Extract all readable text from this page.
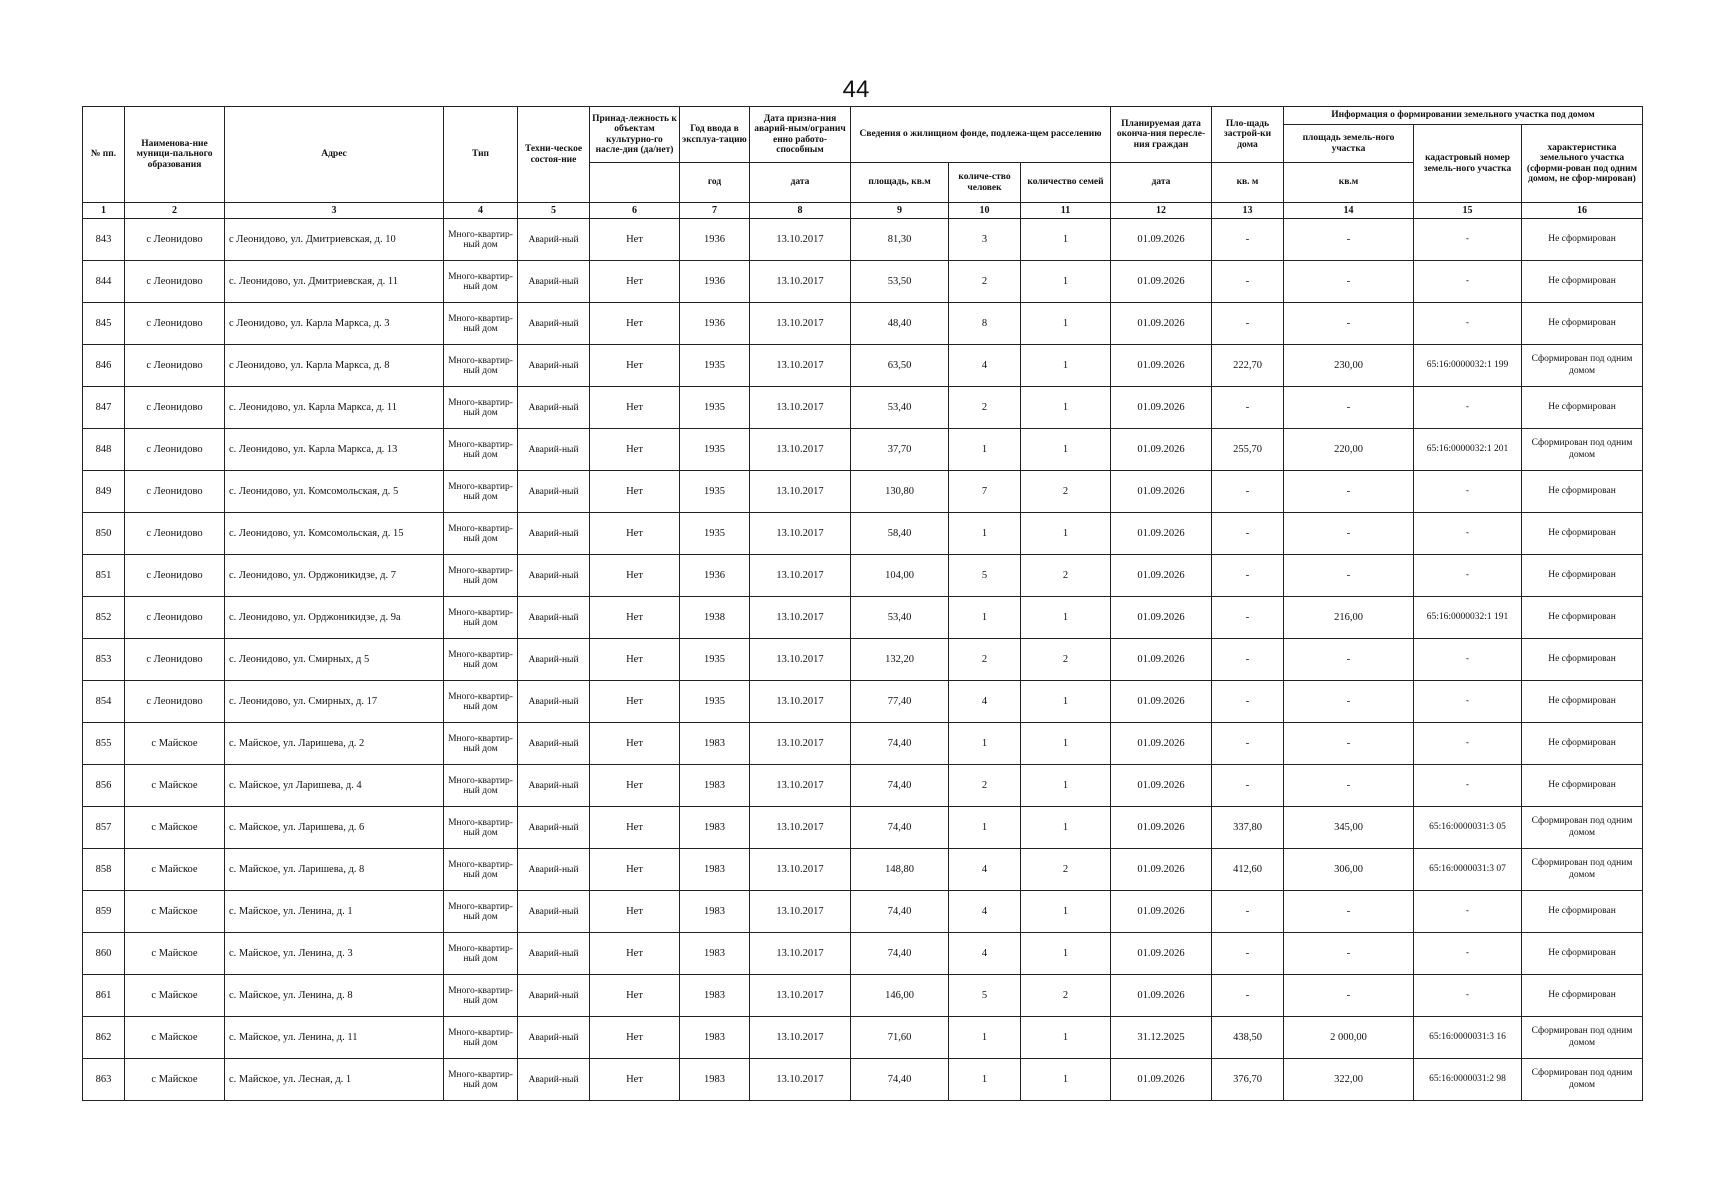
44
№ пп.	Наименова-ние муници-пального образования	Адрес	Тип	Техни-ческое состоя-ние	Принад-лежность к объектам культурно-го насле-дия (да/нет)	Год ввода в эксплуа-тацию	Дата призна-ния аварий-ным/огранич енно работо-способным	Сведения о жилищном фонде, подлежа-щем расселению			Планируемая дата оконча-ния пересле-ния граждан	Пло-щадь застрой-ки дома	Информация о формировании земельного участка под домом		
													площадь земель-ного участка	кадастровый номер земель-ного участка	характеристика земельного участка (сформи-рован под одним домом, не сфор-мирован)
						год	дата	площадь, кв.м	количе-ство человек	количество семей	дата	кв. м	кв.м		
1	2	3	4	5	6	7	8	9	10	11	12	13	14	15	16
843	с Леонидово	с Леонидово, ул. Дмитриевская, д. 10	Много-квартир-ный дом	Аварий-ный	Нет	1936	13.10.2017	81,30	3	1	01.09.2026	-	-	-	Не сформирован
844	с Леонидово	с. Леонидово, ул. Дмитриевская, д. 11	Много-квартир-ный дом	Аварий-ный	Нет	1936	13.10.2017	53,50	2	1	01.09.2026	-	-	-	Не сформирован
845	с Леонидово	с Леонидово, ул. Карла Маркса, д. 3	Много-квартир-ный дом	Аварий-ный	Нет	1936	13.10.2017	48,40	8	1	01.09.2026	-	-	-	Не сформирован
846	с Леонидово	с Леонидово, ул. Карла Маркса, д. 8	Много-квартир-ный дом	Аварий-ный	Нет	1935	13.10.2017	63,50	4	1	01.09.2026	222,70	230,00	65:16:0000032:1 199	Сформирован под одним домом
847	с Леонидово	с. Леонидово, ул. Карла Маркса, д. 11	Много-квартир-ный дом	Аварий-ный	Нет	1935	13.10.2017	53,40	2	1	01.09.2026	-	-	-	Не сформирован
848	с Леонидово	с. Леонидово, ул. Карла Маркса, д. 13	Много-квартир-ный дом	Аварий-ный	Нет	1935	13.10.2017	37,70	1	1	01.09.2026	255,70	220,00	65:16:0000032:1 201	Сформирован под одним домом
849	с Леонидово	с. Леонидово, ул. Комсомольская, д. 5	Много-квартир-ный дом	Аварий-ный	Нет	1935	13.10.2017	130,80	7	2	01.09.2026	-	-	-	Не сформирован
850	с Леонидово	с. Леонидово, ул. Комсомольская, д. 15	Много-квартир-ный дом	Аварий-ный	Нет	1935	13.10.2017	58,40	1	1	01.09.2026	-	-	-	Не сформирован
851	с Леонидово	с. Леонидово, ул. Орджоникидзе, д. 7	Много-квартир-ный дом	Аварий-ный	Нет	1936	13.10.2017	104,00	5	2	01.09.2026	-	-	-	Не сформирован
852	с Леонидово	с. Леонидово, ул. Орджоникидзе, д. 9а	Много-квартир-ный дом	Аварий-ный	Нет	1938	13.10.2017	53,40	1	1	01.09.2026	-	216,00	65:16:0000032:1 191	Не сформирован
853	с Леонидово	с. Леонидово, ул. Смирных, д 5	Много-квартир-ный дом	Аварий-ный	Нет	1935	13.10.2017	132,20	2	2	01.09.2026	-	-	-	Не сформирован
854	с Леонидово	с. Леонидово, ул. Смирных, д. 17	Много-квартир-ный дом	Аварий-ный	Нет	1935	13.10.2017	77,40	4	1	01.09.2026	-	-	-	Не сформирован
855	с Майское	с. Майское, ул. Ларишева, д. 2	Много-квартир-ный дом	Аварий-ный	Нет	1983	13.10.2017	74,40	1	1	01.09.2026	-	-	-	Не сформирован
856	с Майское	с. Майское, ул Ларишева, д. 4	Много-квартир-ный дом	Аварий-ный	Нет	1983	13.10.2017	74,40	2	1	01.09.2026	-	-	-	Не сформирован
857	с Майское	с. Майское, ул. Ларишева, д. 6	Много-квартир-ный дом	Аварий-ный	Нет	1983	13.10.2017	74,40	1	1	01.09.2026	337,80	345,00	65:16:0000031:3 05	Сформирован под одним домом
858	с Майское	с. Майское, ул. Ларишева, д. 8	Много-квартир-ный дом	Аварий-ный	Нет	1983	13.10.2017	148,80	4	2	01.09.2026	412,60	306,00	65:16:0000031:3 07	Сформирован под одним домом
859	с Майское	с. Майское, ул. Ленина, д. 1	Много-квартир-ный дом	Аварий-ный	Нет	1983	13.10.2017	74,40	4	1	01.09.2026	-	-	-	Не сформирован
860	с Майское	с. Майское, ул. Ленина, д. 3	Много-квартир-ный дом	Аварий-ный	Нет	1983	13.10.2017	74,40	4	1	01.09.2026	-	-	-	Не сформирован
861	с Майское	с. Майское, ул. Ленина, д. 8	Много-квартир-ный дом	Аварий-ный	Нет	1983	13.10.2017	146,00	5	2	01.09.2026	-	-	-	Не сформирован
862	с Майское	с. Майское, ул. Ленина, д. 11	Много-квартир-ный дом	Аварий-ный	Нет	1983	13.10.2017	71,60	1	1	31.12.2025	438,50	2 000,00	65:16:0000031:3 16	Сформирован под одним домом
863	с Майское	с. Майское, ул. Лесная, д. 1	Много-квартир-ный дом	Аварий-ный	Нет	1983	13.10.2017	74,40	1	1	01.09.2026	376,70	322,00	65:16:0000031:2 98	Сформирован под одним домом
